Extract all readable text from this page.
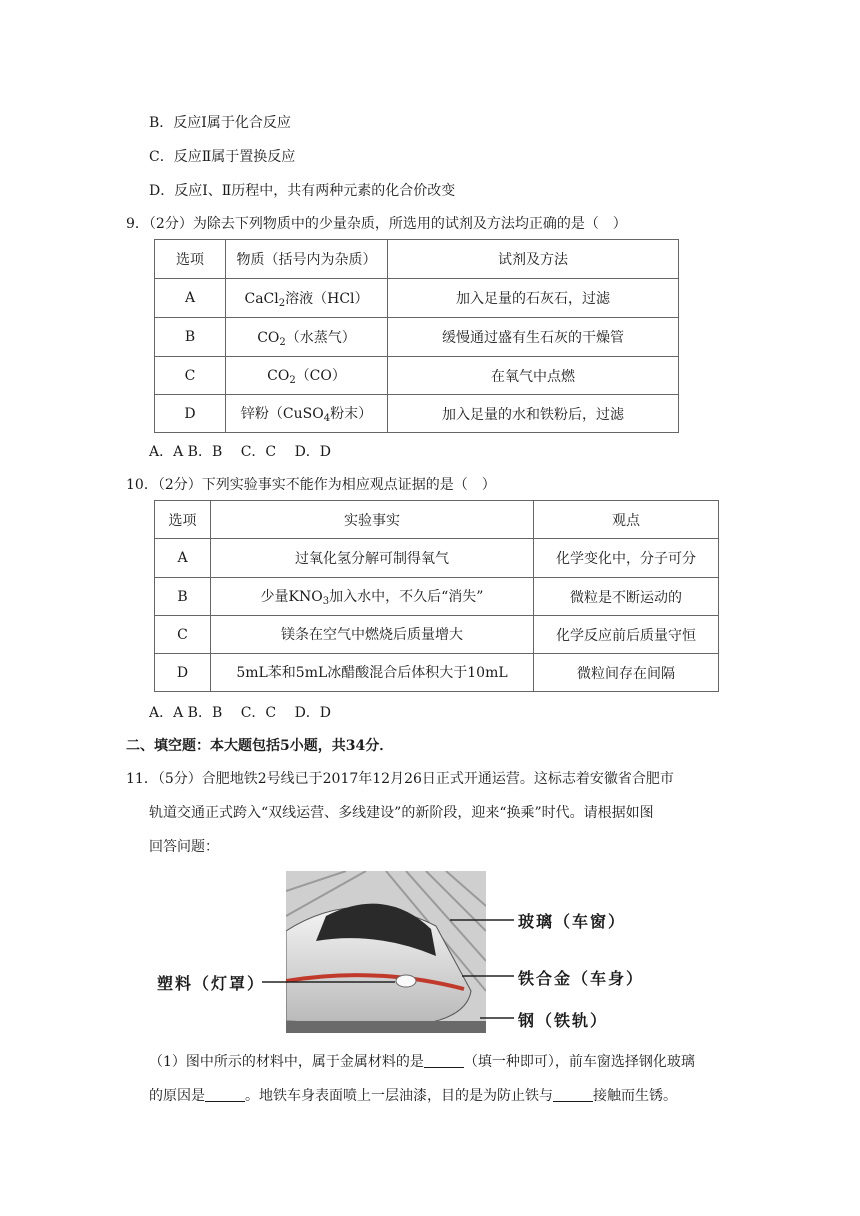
B．反应Ⅰ属于化合反应
C．反应Ⅱ属于置换反应
D．反应Ⅰ、Ⅱ历程中，共有两种元素的化合价改变
9．（2分）为除去下列物质中的少量杂质，所选用的试剂及方法均正确的是（　）
选项	物质（括号内为杂质）	试剂及方法
A	CaCl$_2$溶液（HCl）	加入足量的石灰石，过滤
B	$CO_2$（水蒸气）	缓慢通过盛有生石灰的干燥管
C	$CO_2(CO)$	在氧气中点燃
D	锌粉（CuSO$_4$粉末）	加入足量的水和铁粉后，过滤
A．A B．B　 C．C　 D．D
10．（2分）下列实验事实不能作为相应观点证据的是（　）
选项	实验事实	观点
A	过氧化氢分解可制得氧气	化学变化中，分子可分
B	少量$KNO_3$加入水中，不久后“消失”	微粒是不断运动的
C	镁条在空气中燃烧后质量增大	化学反应前后质量守恒
D	5mL苯和5mL冰醋酸混合后体积大于10mL	微粒间存在间隔
A．A B．B　 C．C　 D．D
二、填空题：本大题包括5小题，共34分．
11．（5分）合肥地铁2号线已于2017年12月26日正式开通运营。这标志着安徽省合肥市
轨道交通正式跨入“双线运营、多线建设”的新阶段，迎来“换乘”时代。请根据如图
回答问题：
玻璃（车窗）
铁合金（车身）
钢（铁轨）
塑料（灯罩）
（1）图中所示的材料中，属于金属材料的是	（填一种即可），前车窗选择钢化玻璃
的原因是	。地铁车身表面喷上一层油漆，目的是为防止铁与	接触而生锈。
